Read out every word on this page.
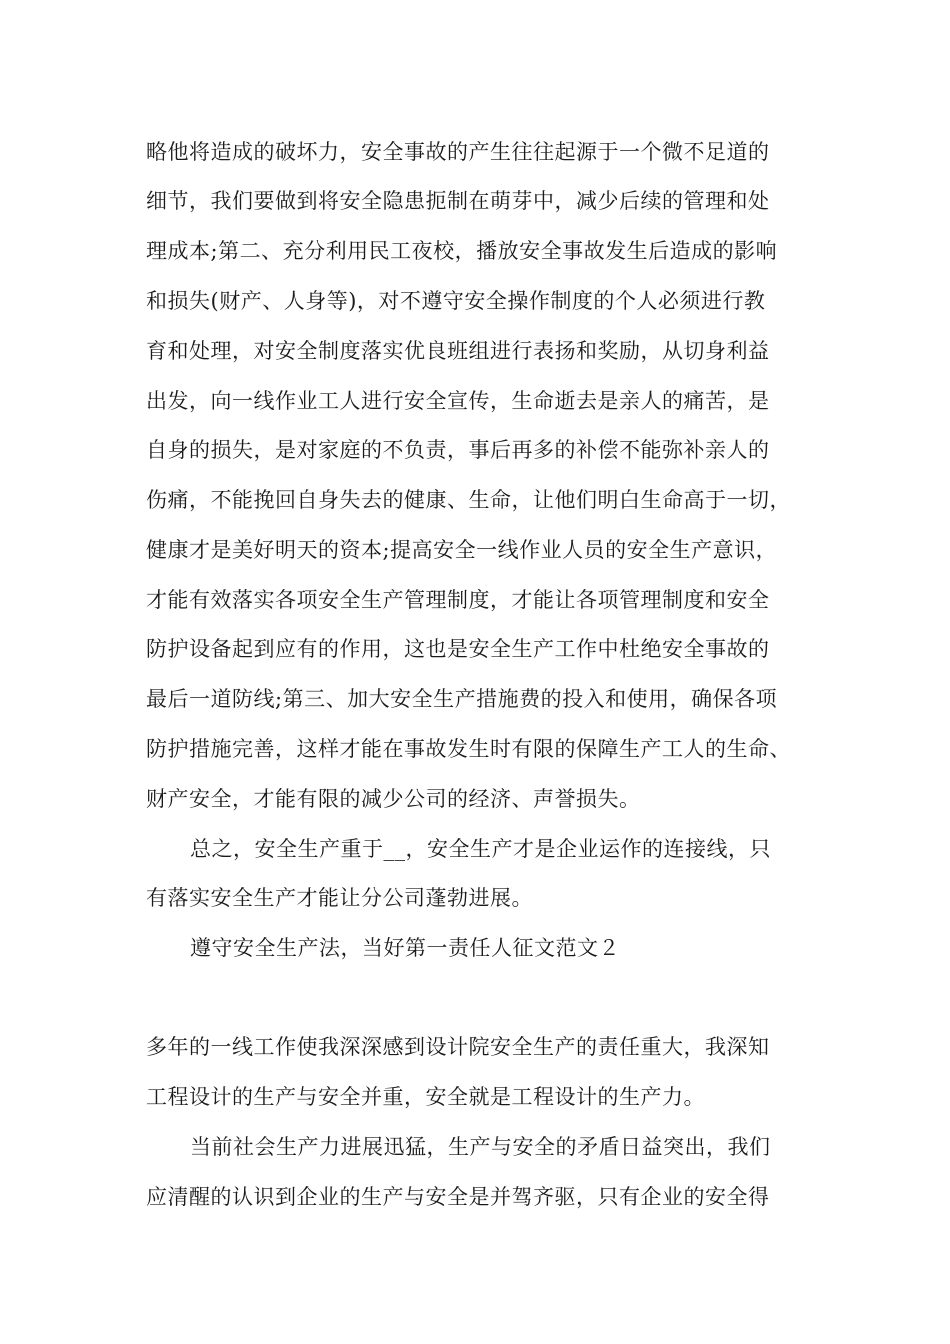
略他将造成的破坏力，安全事故的产生往往起源于一个微不足道的
细节，我们要做到将安全隐患扼制在萌芽中，减少后续的管理和处
理成本;第二、充分利用民工夜校，播放安全事故发生后造成的影响
和损失(财产、人身等)，对不遵守安全操作制度的个人必须进行教
育和处理，对安全制度落实优良班组进行表扬和奖励，从切身利益
出发，向一线作业工人进行安全宣传，生命逝去是亲人的痛苦，是
自身的损失，是对家庭的不负责，事后再多的补偿不能弥补亲人的
伤痛，不能挽回自身失去的健康、生命，让他们明白生命高于一切，
健康才是美好明天的资本;提高安全一线作业人员的安全生产意识，
才能有效落实各项安全生产管理制度，才能让各项管理制度和安全
防护设备起到应有的作用，这也是安全生产工作中杜绝安全事故的
最后一道防线;第三、加大安全生产措施费的投入和使用，确保各项
防护措施完善，这样才能在事故发生时有限的保障生产工人的生命、
财产安全，才能有限的减少公司的经济、声誉损失。
总之，安全生产重于__，安全生产才是企业运作的连接线，只
有落实安全生产才能让分公司蓬勃进展。
遵守安全生产法，当好第一责任人征文范文２
多年的一线工作使我深深感到设计院安全生产的责任重大，我深知
工程设计的生产与安全并重，安全就是工程设计的生产力。
当前社会生产力进展迅猛，生产与安全的矛盾日益突出，我们
应清醒的认识到企业的生产与安全是并驾齐驱，只有企业的安全得
